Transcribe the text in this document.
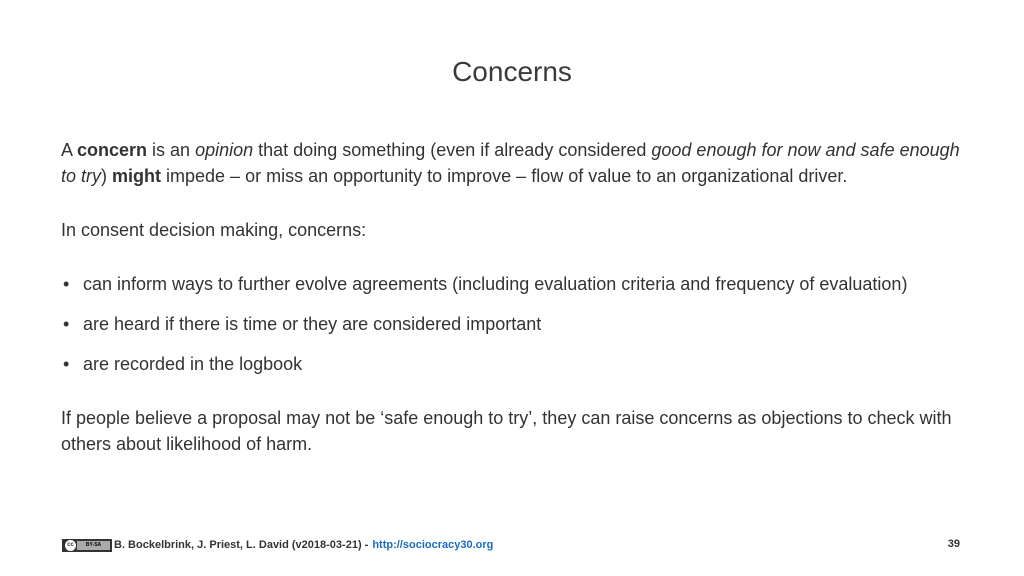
Concerns

A concern is an opinion that doing something (even if already considered good enough for now and safe enough to try) might impede – or miss an opportunity to improve – flow of value to an organizational driver.

In consent decision making, concerns:

• can inform ways to further evolve agreements (including evaluation criteria and frequency of evaluation)
• are heard if there is time or they are considered important
• are recorded in the logbook

If people believe a proposal may not be ‘safe enough to try’, they can raise concerns as objections to check with others about likelihood of harm.

cc	BY-SA	B. Bockelbrink, J. Priest, L. David (v2018-03-21) - http://sociocracy30.org	39
